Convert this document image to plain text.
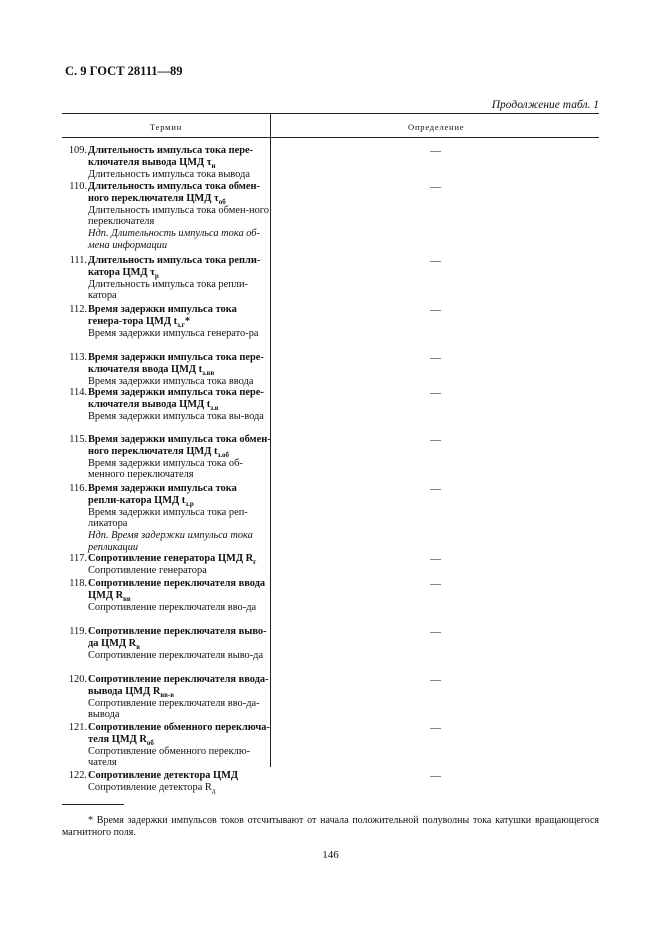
С. 9 ГОСТ 28111—89
Продолжение табл. 1
Термин	Определение
109. Длительность импульса тока пере-ключателя вывода ЦМД $\tau_и$
Длительность импульса тока вывода
—
110. Длительность импульса тока обмен-ного переключателя ЦМД $\tau_{об}$
Длительность импульса тока обмен-ного переключателя
Ндп. Длительность импульса тока об-мена информации
—
111. Длительность импульса тока репли-катора ЦМД $\tau_р$
Длительность импульса тока репли-катора
—
112. Время задержки импульса тока генера-тора ЦМД $t_{з.г}*$
Время задержки импульса генерато-ра
—
113. Время задержки импульса тока пере-ключателя ввода ЦМД $t_{з.вв}$
Время задержки импульса тока ввода
—
114. Время задержки импульса тока пере-ключателя вывода ЦМД $t_{з.в}$
Время задержки импульса тока вы-вода
—
115. Время задержки импульса тока обмен-ного переключателя ЦМД $t_{з.об}$
Время задержки импульса тока об-менного переключателя
—
116. Время задержки импульса тока репли-катора ЦМД $t_{з.р}$
Время задержки импульса тока реп-ликатора
Ндп. Время задержки импульса тока репликации
—
117. Сопротивление генератора ЦМД $R_г$
Сопротивление генератора
—
118. Сопротивление переключателя ввода ЦМД $R_{вв}$
Сопротивление переключателя вво-да
—
119. Сопротивление переключателя выво-да ЦМД $R_в$
Сопротивление переключателя выво-да
—
120. Сопротивление переключателя ввода-вывода ЦМД $R_{вв-в}$
Сопротивление переключателя вво-да-вывода
—
121. Сопротивление обменного переключа-теля ЦМД $R_{об}$
Сопротивление обменного переклю-чателя
—
122. Сопротивление детектора ЦМД
Сопротивление детектора $R_д$
—
* Время задержки импульсов токов отсчитывают от начала положительной полуволны тока катушки вращающегося магнитного поля.
146
